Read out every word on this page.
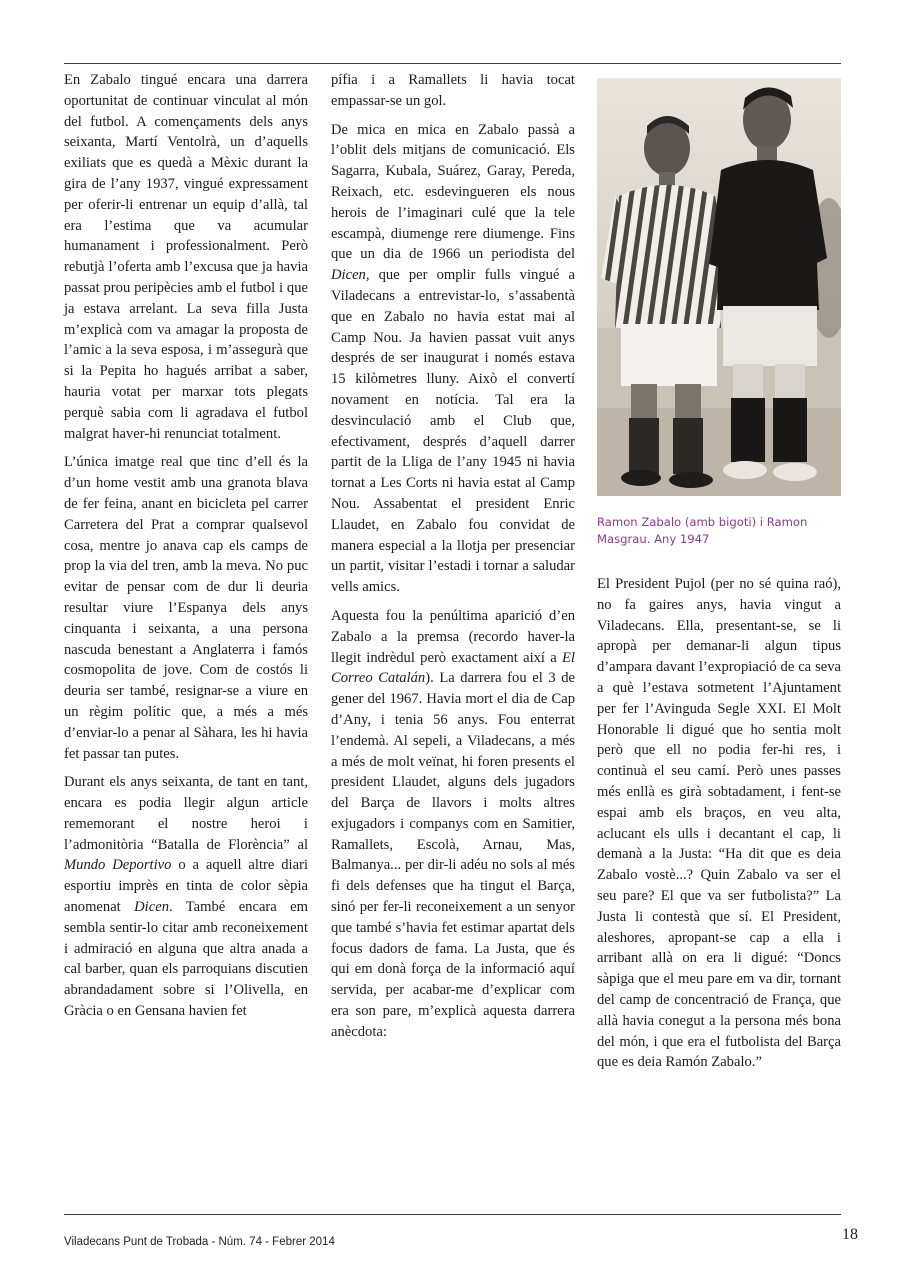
En Zabalo tingué encara una darrera oportunitat de continuar vinculat al món del futbol. A començaments dels anys seixanta, Martí Ventolrà, un d’aquells exiliats que es quedà a Mèxic durant la gira de l’any 1937, vingué expressament per oferir-li entrenar un equip d’allà, tal era l’estima que va acumular humanament i professionalment. Però rebutjà l’oferta amb l’excusa que ja havia passat prou peripècies amb el futbol i que ja estava arrelant. La seva filla Justa m’explicà com va amagar la proposta de l’amic a la seva esposa, i m’assegurà que si la Pepita ho hagués arribat a saber, hauria votat per marxar tots plegats perquè sabia com li agradava el futbol malgrat haver-hi renunciat totalment.

L’única imatge real que tinc d’ell és la d’un home vestit amb una granota blava de fer feina, anant en bicicleta pel carrer Carretera del Prat a comprar qualsevol cosa, mentre jo anava cap els camps de prop la via del tren, amb la meva. No puc evitar de pensar com de dur li deuria resultar viure l’Espanya dels anys cinquanta i seixanta, a una persona nascuda benestant a Anglaterra i famós cosmopolita de jove. Com de costós li deuria ser també, resignar-se a viure en un règim polític que, a més a més d’enviar-lo a penar al Sàhara, les hi havia fet passar tan putes.

Durant els anys seixanta, de tant en tant, encara es podia llegir algun article rememorant el nostre heroi i l’admonitòria “Batalla de Florència” al Mundo Deportivo o a aquell altre diari esportiu imprès en tinta de color sèpia anomenat Dicen. També encara em sembla sentir-lo citar amb reconeixement i admiració en alguna que altra anada a cal barber, quan els parroquians discutien abrandadament sobre si l’Olivella, en Gràcia o en Gensana havien fet

pífia i a Ramallets li havia tocat empassar-se un gol.

De mica en mica en Zabalo passà a l’oblit dels mitjans de comunicació. Els Sagarra, Kubala, Suárez, Garay, Pereda, Reixach, etc. esdevingueren els nous herois de l’imaginari culé que la tele escampà, diumenge rere diumenge. Fins que un dia de 1966 un periodista del Dicen, que per omplir fulls vingué a Viladecans a entrevistar-lo, s’assabentà que en Zabalo no havia estat mai al Camp Nou. Ja havien passat vuit anys després de ser inaugurat i només estava 15 kilòmetres lluny. Això el convertí novament en notícia. Tal era la desvinculació amb el Club que, efectivament, després d’aquell darrer partit de la Lliga de l’any 1945 ni havia tornat a Les Corts ni havia estat al Camp Nou. Assabentat el president Enric Llaudet, en Zabalo fou convidat de manera especial a la llotja per presenciar un partit, visitar l’estadi i tornar a saludar vells amics.

Aquesta fou la penúltima aparició d’en Zabalo a la premsa (recordo haver-la llegit indrèdul però exactament així a El Correo Catalán). La darrera fou el 3 de gener del 1967. Havia mort el dia de Cap d’Any, i tenia 56 anys. Fou enterrat l’endemà. Al sepeli, a Viladecans, a més a més de molt veïnat, hi foren presents el president Llaudet, alguns dels jugadors del Barça de llavors i molts altres exjugadors i companys com en Samitier, Ramallets, Escolà, Arnau, Mas, Balmanya... per dir-li adéu no sols al més fi dels defenses que ha tingut el Barça, sinó per fer-li reconeixement a un senyor que també s’havia fet estimar apartat dels focus dadors de fama. La Justa, que és qui em donà força de la informació aquí servida, per acabar-me d’explicar com era son pare, m’explicà aquesta darrera anècdota:

Ramon Zabalo (amb bigoti) i Ramon Masgrau. Any 1947

El President Pujol (per no sé quina raó), no fa gaires anys, havia vingut a Viladecans. Ella, presentant-se, se li apropà per demanar-li algun tipus d’ampara davant l’expropiació de ca seva a què l’estava sotmetent l’Ajuntament per fer l’Avinguda Segle XXI. El Molt Honorable li digué que ho sentia molt però que ell no podia fer-hi res, i continuà el seu camí. Però unes passes més enllà es girà sobtadament, i fent-se espai amb els braços, en veu alta, aclucant els ulls i decantant el cap, li demanà a la Justa: “Ha dit que es deia Zabalo vostè...? Quin Zabalo va ser el seu pare? El que va ser futbolista?” La Justa li contestà que sí. El President, aleshores, apropant-se cap a ella i arribant allà on era li digué: “Doncs sàpiga que el meu pare em va dir, tornant del camp de concentració de França, que allà havia conegut a la persona més bona del món, i que era el futbolista del Barça que es deia Ramón Zabalo.”

Viladecans Punt de Trobada - Núm. 74 - Febrer 2014	18
